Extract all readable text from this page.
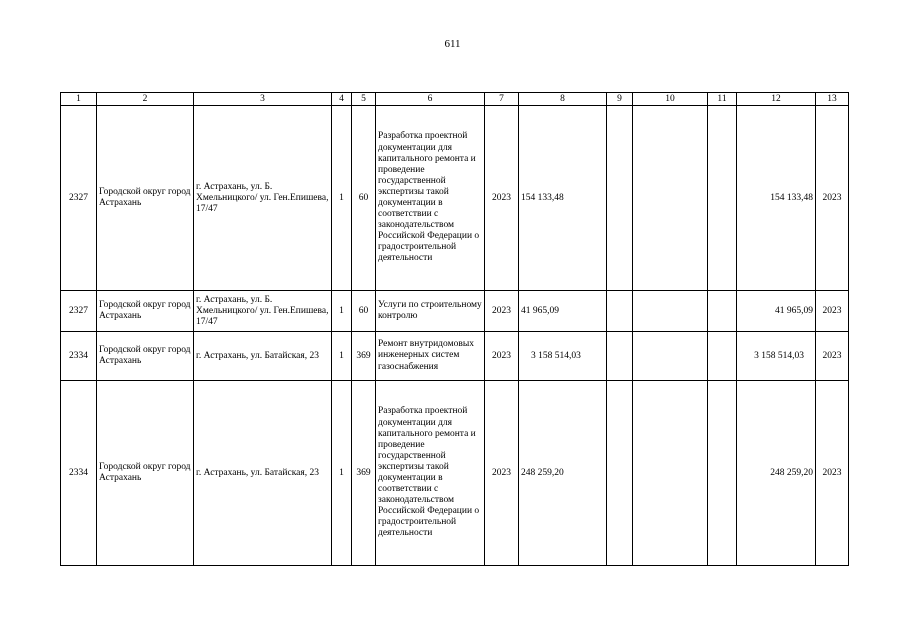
611
1	2	3	4	5	6	7	8	9	10	11	12	13
2327	Городской округ город Астрахань	г. Астрахань, ул. Б. Хмельницкого/ ул. Ген.Епишева, 17/47	1	60	Разработка проектной документации для капитального ремонта и проведение государственной экспертизы такой документации в соответствии с законодательством Российской Федерации о градостроительной деятельности	2023	154 133,48				154 133,48	2023
2327	Городской округ город Астрахань	г. Астрахань, ул. Б. Хмельницкого/ ул. Ген.Епишева, 17/47	1	60	Услуги по строительному контролю	2023	41 965,09				41 965,09	2023
2334	Городской округ город Астрахань	г. Астрахань, ул. Батайская, 23	1	369	Ремонт внутридомовых инженерных систем газоснабжения	2023	3 158 514,03				3 158 514,03	2023
2334	Городской округ город Астрахань	г. Астрахань, ул. Батайская, 23	1	369	Разработка проектной документации для капитального ремонта и проведение государственной экспертизы такой документации в соответствии с законодательством Российской Федерации о градостроительной деятельности	2023	248 259,20				248 259,20	2023
